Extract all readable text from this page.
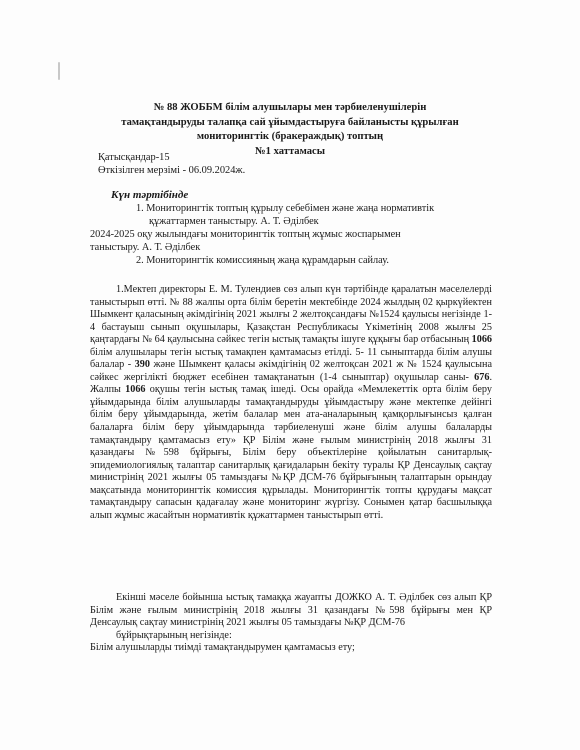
№ 88 ЖОББМ білім алушылары мен тәрбиеленушілерін
тамақтандыруды талапқа сай ұйымдастыруға байланысты құрылған
мониторингтік (бракераждық) топтың
№1 хаттамасы
Қатысқандар-15
Өткізілген мерзімі - 06.09.2024ж.
Күн тәртібінде
1. Мониторингтік топтың құрылу себебімен және жаңа нормативтік
құжаттармен таныстыру. А. Т. Әділбек
2024-2025 оқу жылындағы мониторингтік топтың жұмыс жоспарымен
таныстыру. А. Т. Әділбек
2. Мониторингтік комиссияның жаңа құрамдарын сайлау.

1.Мектеп директоры Е. М. Тулендиев сөз алып күн тәртібінде қаралатын мәселелерді таныстырып өтті. № 88 жалпы орта білім беретін мектебінде 2024 жылдың 02 қыркүйектен Шымкент қаласының әкімдігінің 2021 жылғы 2 желтоқсандағы №1524 қаулысы негізінде 1-4 бастауыш сынып оқушылары, Қазақстан Республикасы Үкіметінің 2008 жылғы 25 қаңтардағы № 64 қаулысына сәйкес тегін ыстық тамақты ішуге құқығы бар отбасының 1066 білім алушылары тегін ыстық тамақпен қамтамасыз етілді. 5- 11 сыныптарда білім алушы балалар - 390 және Шымкент қаласы әкімдігінің 02 желтоқсан 2021 ж № 1524 қаулысына сәйкес жергілікті бюджет есебінен тамақтанатын (1-4 сыныптар) оқушылар саны- 676. Жалпы 1066 оқушы тегін ыстық тамақ ішеді. Осы орайда «Мемлекеттік орта білім беру ұйымдарында білім алушыларды тамақтандыруды ұйымдастыру және мектепке дейінгі білім беру ұйымдарында, жетім балалар мен ата-аналарының қамқорлығынсыз қалған балаларға білім беру ұйымдарында тәрбиеленуші және білім алушы балаларды тамақтандыру қамтамасыз ету» ҚР Білім және ғылым министрінің 2018 жылғы 31 қазандағы №598 бұйрығы, Білім беру объектілеріне қойылатын санитарлық-эпидемиологиялық талаптар санитарлық қағидаларын бекіту туралы ҚР Денсаулық сақтау министрінің 2021 жылғы 05 тамыздағы №ҚР ДСМ-76 бұйрығының талаптарын орындау мақсатында мониторингтік комиссия құрылады. Мониторингтік топты құрудағы мақсат тамақтандыру сапасын қадағалау және мониторинг жүргізу. Сонымен қатар басшылыққа алып жұмыс жасайтын нормативтік құжаттармен таныстырып өтті.

Екінші мәселе бойынша ыстық тамаққа жауапты ДОЖКО А. Т. Әділбек сөз алып ҚР Білім және ғылым министрінің 2018 жылғы 31 қазандағы №598 бұйрығы мен ҚР Денсаулық сақтау министрінің 2021 жылғы 05 тамыздағы №ҚР ДСМ-76

бұйрықтарының негізінде:

Білім алушыларды тиімді тамақтандырумен қамтамасыз ету;
